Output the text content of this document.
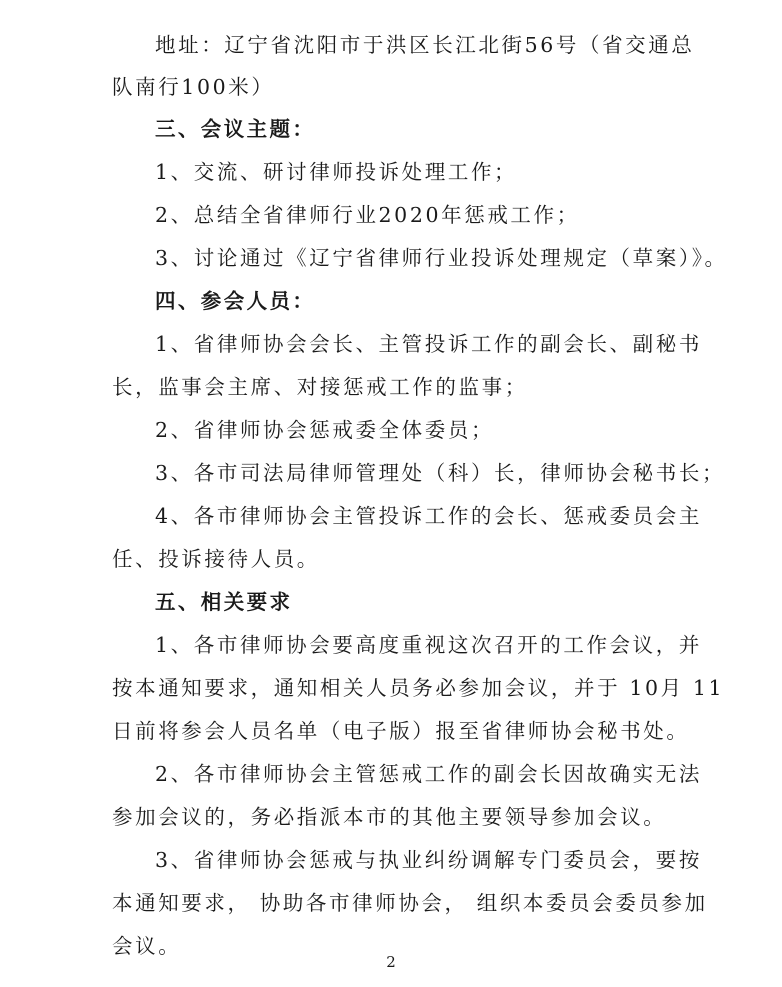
地址：辽宁省沈阳市于洪区长江北街56号（省交通总
队南行100米）
三、会议主题：
1、交流、研讨律师投诉处理工作；
2、总结全省律师行业2020年惩戒工作；
3、讨论通过《辽宁省律师行业投诉处理规定（草案）》。
四、参会人员：
1、省律师协会会长、主管投诉工作的副会长、副秘书
长，监事会主席、对接惩戒工作的监事；
2、省律师协会惩戒委全体委员；
3、各市司法局律师管理处（科）长，律师协会秘书长；
4、各市律师协会主管投诉工作的会长、惩戒委员会主
任、投诉接待人员。
五、相关要求
1、各市律师协会要高度重视这次召开的工作会议，并
按本通知要求，通知相关人员务必参加会议，并于 10月 11
日前将参会人员名单（电子版）报至省律师协会秘书处。
2、各市律师协会主管惩戒工作的副会长因故确实无法
参加会议的，务必指派本市的其他主要领导参加会议。
3、省律师协会惩戒与执业纠纷调解专门委员会，要按
本通知要求， 协助各市律师协会， 组织本委员会委员参加
会议。
2
